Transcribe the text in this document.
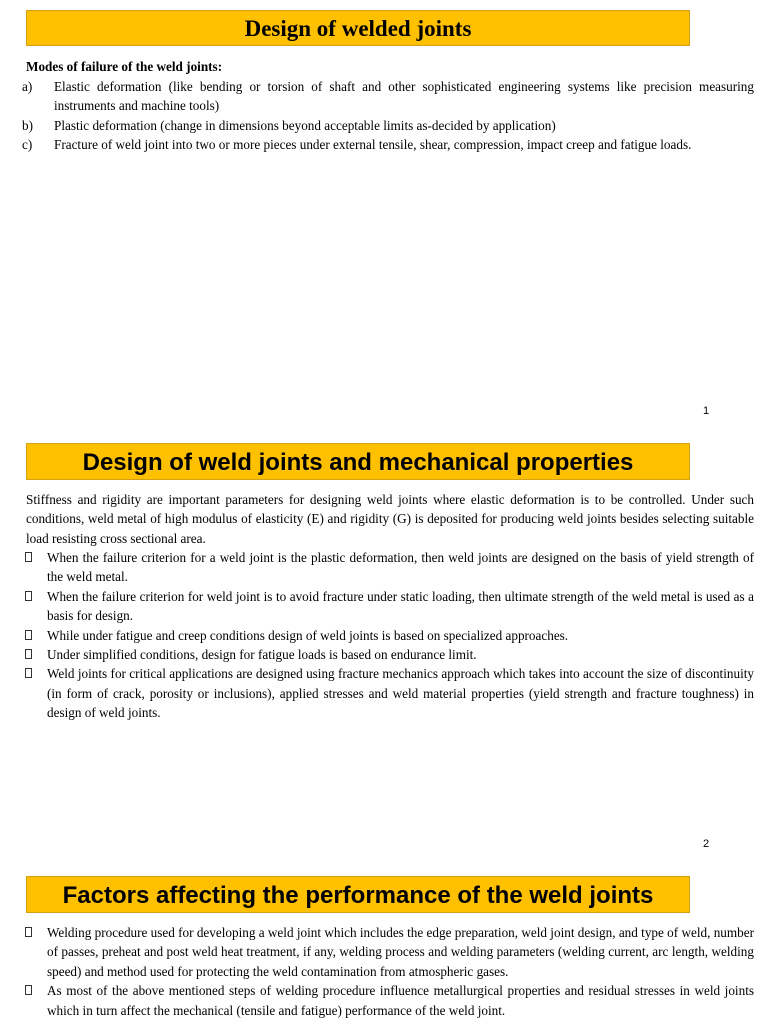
Design of welded joints
Modes of failure of the weld joints:
a) Elastic deformation (like bending or torsion of shaft and other sophisticated engineering systems like precision measuring instruments and machine tools)
b) Plastic deformation (change in dimensions beyond acceptable limits as-decided by application)
c) Fracture of weld joint into two or more pieces under external tensile, shear, compression, impact creep and fatigue loads.
1
Design of weld joints and mechanical properties
Stiffness and rigidity are important parameters for designing weld joints where elastic deformation is to be controlled. Under such conditions, weld metal of high modulus of elasticity (E) and rigidity (G) is deposited for producing weld joints besides selecting suitable load resisting cross sectional area.
When the failure criterion for a weld joint is the plastic deformation, then weld joints are designed on the basis of yield strength of the weld metal.
When the failure criterion for weld joint is to avoid fracture under static loading, then ultimate strength of the weld metal is used as a basis for design.
While under fatigue and creep conditions design of weld joints is based on specialized approaches.
Under simplified conditions, design for fatigue loads is based on endurance limit.
Weld joints for critical applications are designed using fracture mechanics approach which takes into account the size of discontinuity (in form of crack, porosity or inclusions), applied stresses and weld material properties (yield strength and fracture toughness) in design of weld joints.
2
Factors affecting the performance of the weld joints
Welding procedure used for developing a weld joint which includes the edge preparation, weld joint design, and type of weld, number of passes, preheat and post weld heat treatment, if any, welding process and welding parameters (welding current, arc length, welding speed) and method used for protecting the weld contamination from atmospheric gases.
As most of the above mentioned steps of welding procedure influence metallurgical properties and residual stresses in weld joints which in turn affect the mechanical (tensile and fatigue) performance of the weld joint.
